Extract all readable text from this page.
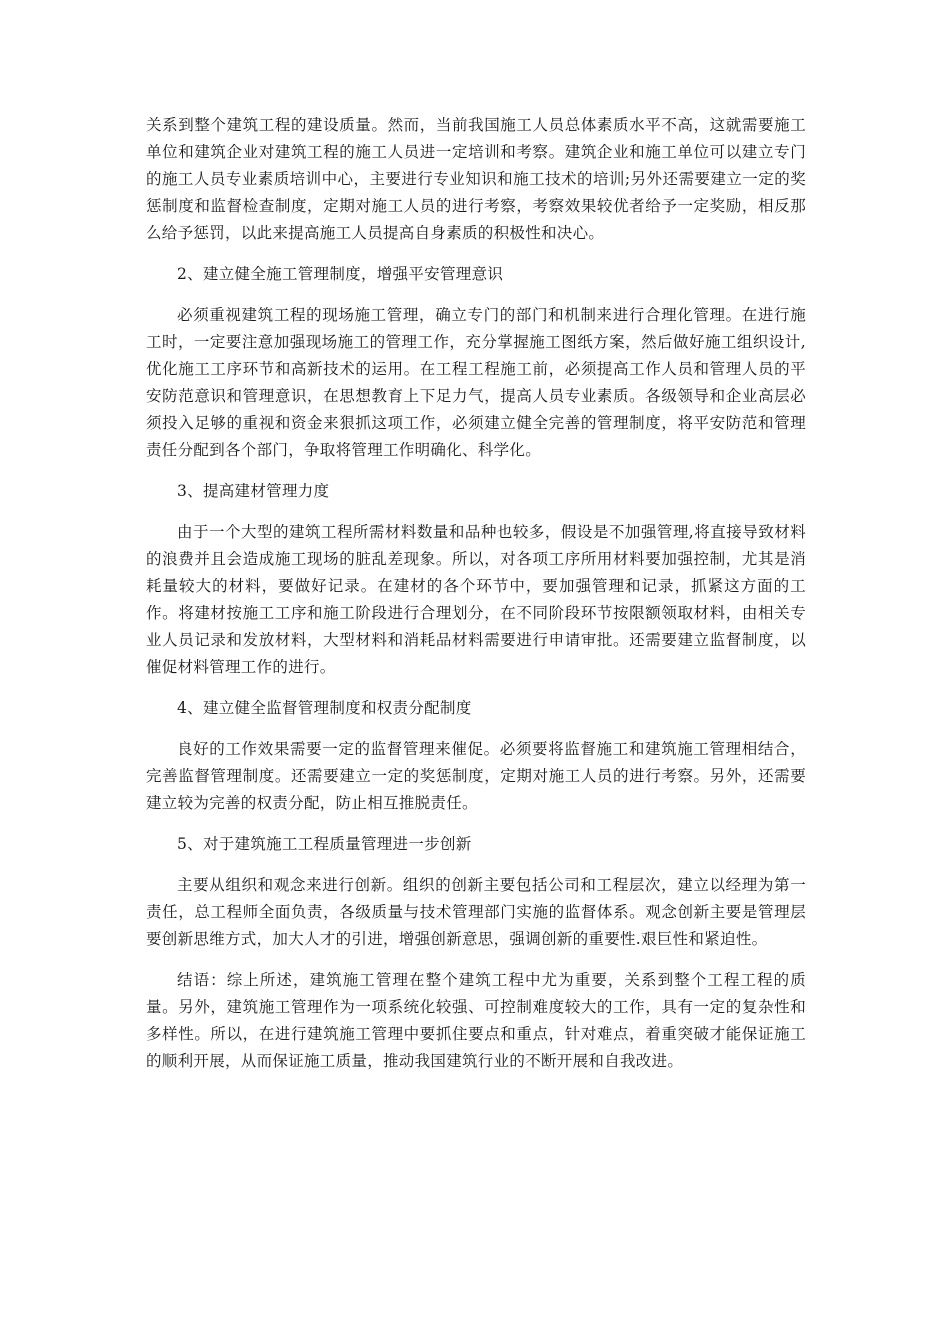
关系到整个建筑工程的建设质量。然而，当前我国施工人员总体素质水平不高，这就需要施工单位和建筑企业对建筑工程的施工人员进一定培训和考察。建筑企业和施工单位可以建立专门的施工人员专业素质培训中心，主要进行专业知识和施工技术的培训;另外还需要建立一定的奖惩制度和监督检查制度，定期对施工人员的进行考察，考察效果较优者给予一定奖励，相反那么给予惩罚，以此来提高施工人员提高自身素质的积极性和决心。

2、建立健全施工管理制度，增强平安管理意识

必须重视建筑工程的现场施工管理，确立专门的部门和机制来进行合理化管理。在进行施工时，一定要注意加强现场施工的管理工作，充分掌握施工图纸方案，然后做好施工组织设计,优化施工工序环节和高新技术的运用。在工程工程施工前，必须提高工作人员和管理人员的平安防范意识和管理意识，在思想教育上下足力气，提高人员专业素质。各级领导和企业高层必须投入足够的重视和资金来狠抓这项工作，必须建立健全完善的管理制度，将平安防范和管理责任分配到各个部门，争取将管理工作明确化、科学化。

3、提高建材管理力度

由于一个大型的建筑工程所需材料数量和品种也较多，假设是不加强管理,将直接导致材料的浪费并且会造成施工现场的脏乱差现象。所以，对各项工序所用材料要加强控制，尤其是消耗量较大的材料，要做好记录。在建材的各个环节中，要加强管理和记录，抓紧这方面的工作。将建材按施工工序和施工阶段进行合理划分，在不同阶段环节按限额领取材料，由相关专业人员记录和发放材料，大型材料和消耗品材料需要进行申请审批。还需要建立监督制度，以催促材料管理工作的进行。

4、建立健全监督管理制度和权责分配制度

良好的工作效果需要一定的监督管理来催促。必须要将监督施工和建筑施工管理相结合，完善监督管理制度。还需要建立一定的奖惩制度，定期对施工人员的进行考察。另外，还需要建立较为完善的权责分配，防止相互推脱责任。

5、对于建筑施工工程质量管理进一步创新

主要从组织和观念来进行创新。组织的创新主要包括公司和工程层次，建立以经理为第一责任，总工程师全面负责，各级质量与技术管理部门实施的监督体系。观念创新主要是管理层要创新思维方式，加大人才的引进，增强创新意思，强调创新的重要性.艰巨性和紧迫性。

结语：综上所述，建筑施工管理在整个建筑工程中尤为重要，关系到整个工程工程的质量。另外，建筑施工管理作为一项系统化较强、可控制难度较大的工作，具有一定的复杂性和多样性。所以，在进行建筑施工管理中要抓住要点和重点，针对难点，着重突破才能保证施工的顺利开展，从而保证施工质量，推动我国建筑行业的不断开展和自我改进。
